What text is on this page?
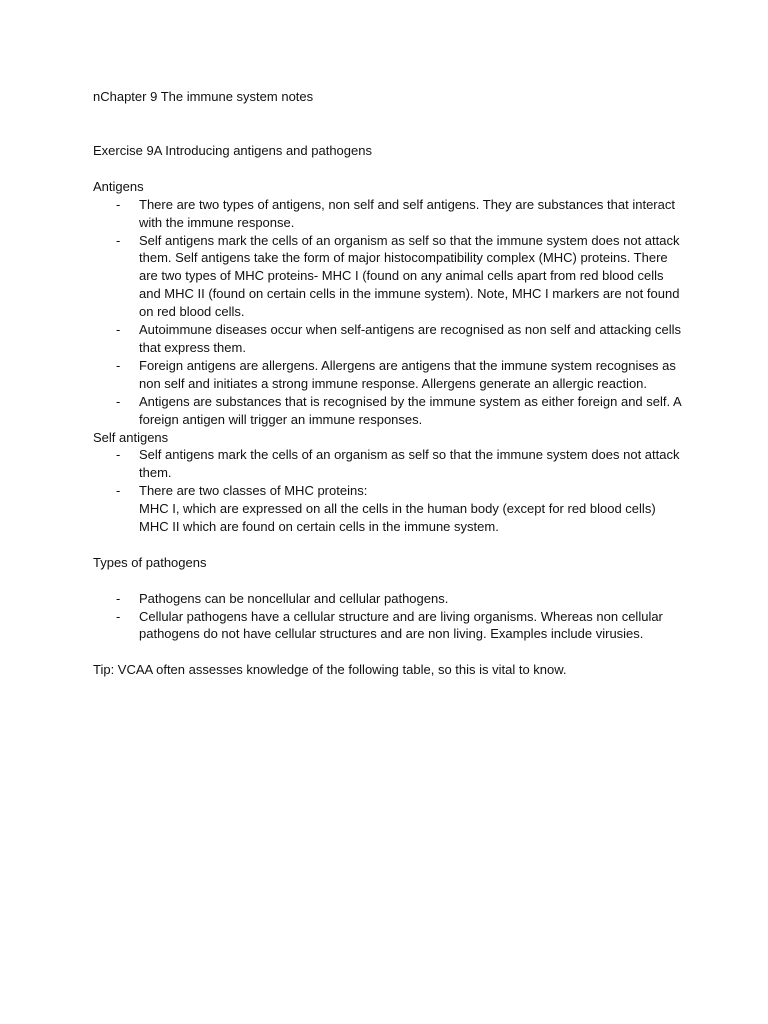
nChapter 9 The immune system notes

Exercise 9A Introducing antigens and pathogens

Antigens

- There are two types of antigens, non self and self antigens. They are substances that interact with the immune response.
- Self antigens mark the cells of an organism as self so that the immune system does not attack them. Self antigens take the form of major histocompatibility complex (MHC) proteins. There are two types of MHC proteins- MHC I (found on any animal cells apart from red blood cells and MHC II (found on certain cells in the immune system). Note, MHC I markers are not found on red blood cells.
- Autoimmune diseases occur when self-antigens are recognised as non self and attacking cells that express them.
- Foreign antigens are allergens. Allergens are antigens that the immune system recognises as non self and initiates a strong immune response. Allergens generate an allergic reaction.
- Antigens are substances that is recognised by the immune system as either foreign and self. A foreign antigen will trigger an immune responses.

Self antigens

- Self antigens mark the cells of an organism as self so that the immune system does not attack them.
- There are two classes of MHC proteins:
MHC I, which are expressed on all the cells in the human body (except for red blood cells)
MHC II which are found on certain cells in the immune system.

Types of pathogens

- Pathogens can be noncellular and cellular pathogens.
- Cellular pathogens have a cellular structure and are living organisms. Whereas non cellular pathogens do not have cellular structures and are non living. Examples include virusies.

Tip: VCAA often assesses knowledge of the following table, so this is vital to know.
